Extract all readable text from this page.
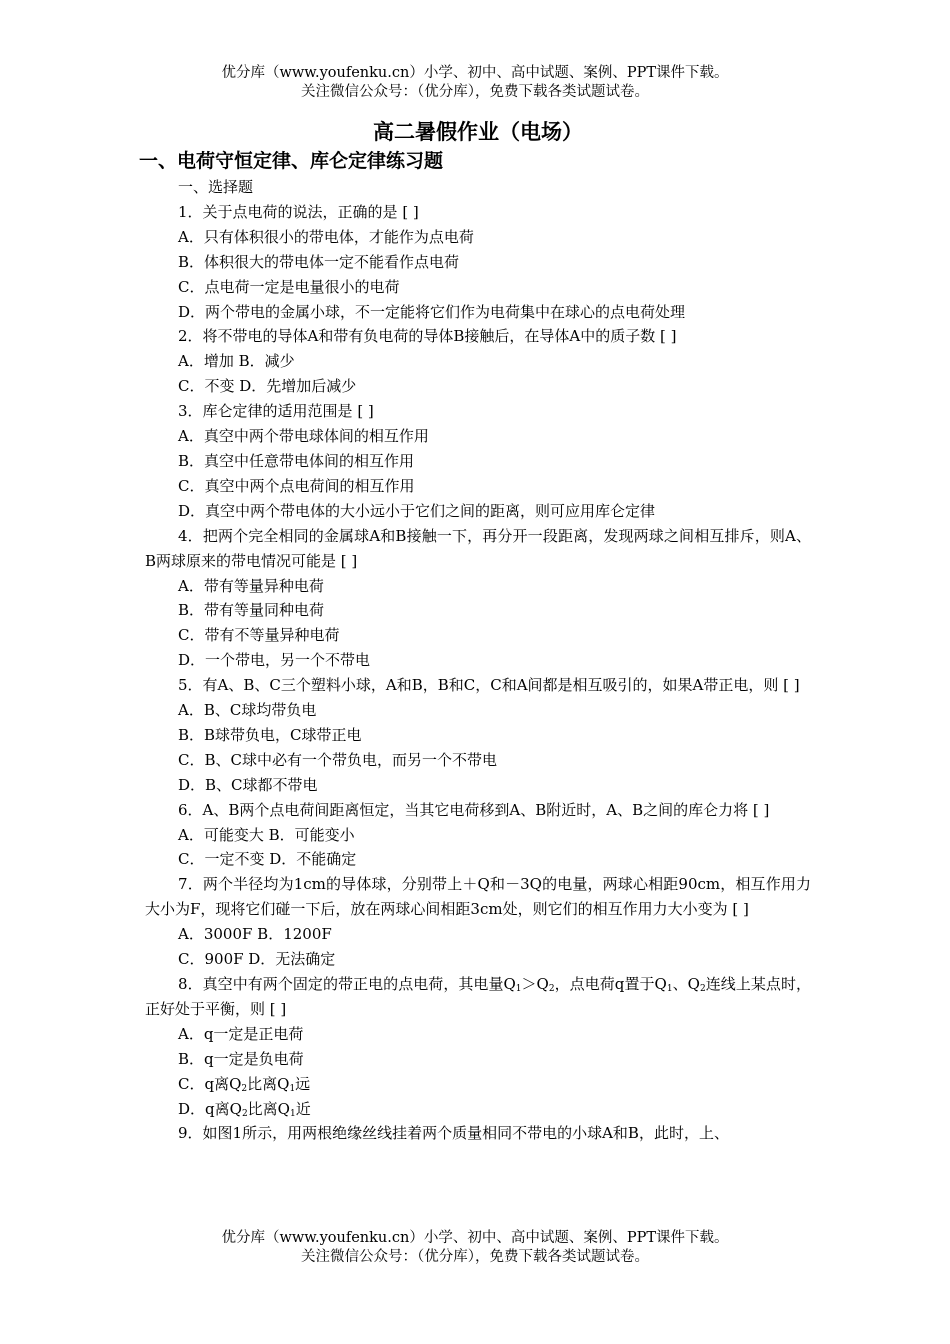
优分库（www.youfenku.cn）小学、初中、高中试题、案例、PPT课件下载。
关注微信公众号：（优分库），免费下载各类试题试卷。
高二暑假作业（电场）
一、电荷守恒定律、库仑定律练习题
一、选择题
1．关于点电荷的说法，正确的是 [ ]
A．只有体积很小的带电体，才能作为点电荷
B．体积很大的带电体一定不能看作点电荷
C．点电荷一定是电量很小的电荷
D．两个带电的金属小球，不一定能将它们作为电荷集中在球心的点电荷处理
2．将不带电的导体A和带有负电荷的导体B接触后，在导体A中的质子数 [ ]
A．增加 B．减少
C．不变 D．先增加后减少
3．库仑定律的适用范围是 [ ]
A．真空中两个带电球体间的相互作用
B．真空中任意带电体间的相互作用
C．真空中两个点电荷间的相互作用
D．真空中两个带电体的大小远小于它们之间的距离，则可应用库仑定律
4．把两个完全相同的金属球A和B接触一下，再分开一段距离，发现两球之间相互排斥，则A、B两球原来的带电情况可能是 [ ]
A．带有等量异种电荷
B．带有等量同种电荷
C．带有不等量异种电荷
D．一个带电，另一个不带电
5．有A、B、C三个塑料小球，A和B，B和C，C和A间都是相互吸引的，如果A带正电，则 [ ]
A．B、C球均带负电
B．B球带负电，C球带正电
C．B、C球中必有一个带负电，而另一个不带电
D．B、C球都不带电
6．A、B两个点电荷间距离恒定，当其它电荷移到A、B附近时，A、B之间的库仑力将 [ ]
A．可能变大 B．可能变小
C．一定不变 D．不能确定
7．两个半径均为1cm的导体球，分别带上＋Q和－3Q的电量，两球心相距90cm，相互作用力大小为F，现将它们碰一下后，放在两球心间相距3cm处，则它们的相互作用力大小变为 [ ]
A．3000F B．1200F
C．900F D．无法确定
8．真空中有两个固定的带正电的点电荷，其电量$Q_1>Q_2$，点电荷q置于$Q_1$、$Q_2$连线上某点时，正好处于平衡，则 [ ]
A．q一定是正电荷
B．q一定是负电荷
C．q离$Q_2$比离$Q_1$远
D．q离$Q_2$比离$Q_1$近
9．如图1所示，用两根绝缘丝线挂着两个质量相同不带电的小球A和B，此时，上、
优分库（www.youfenku.cn）小学、初中、高中试题、案例、PPT课件下载。
关注微信公众号：（优分库），免费下载各类试题试卷。
